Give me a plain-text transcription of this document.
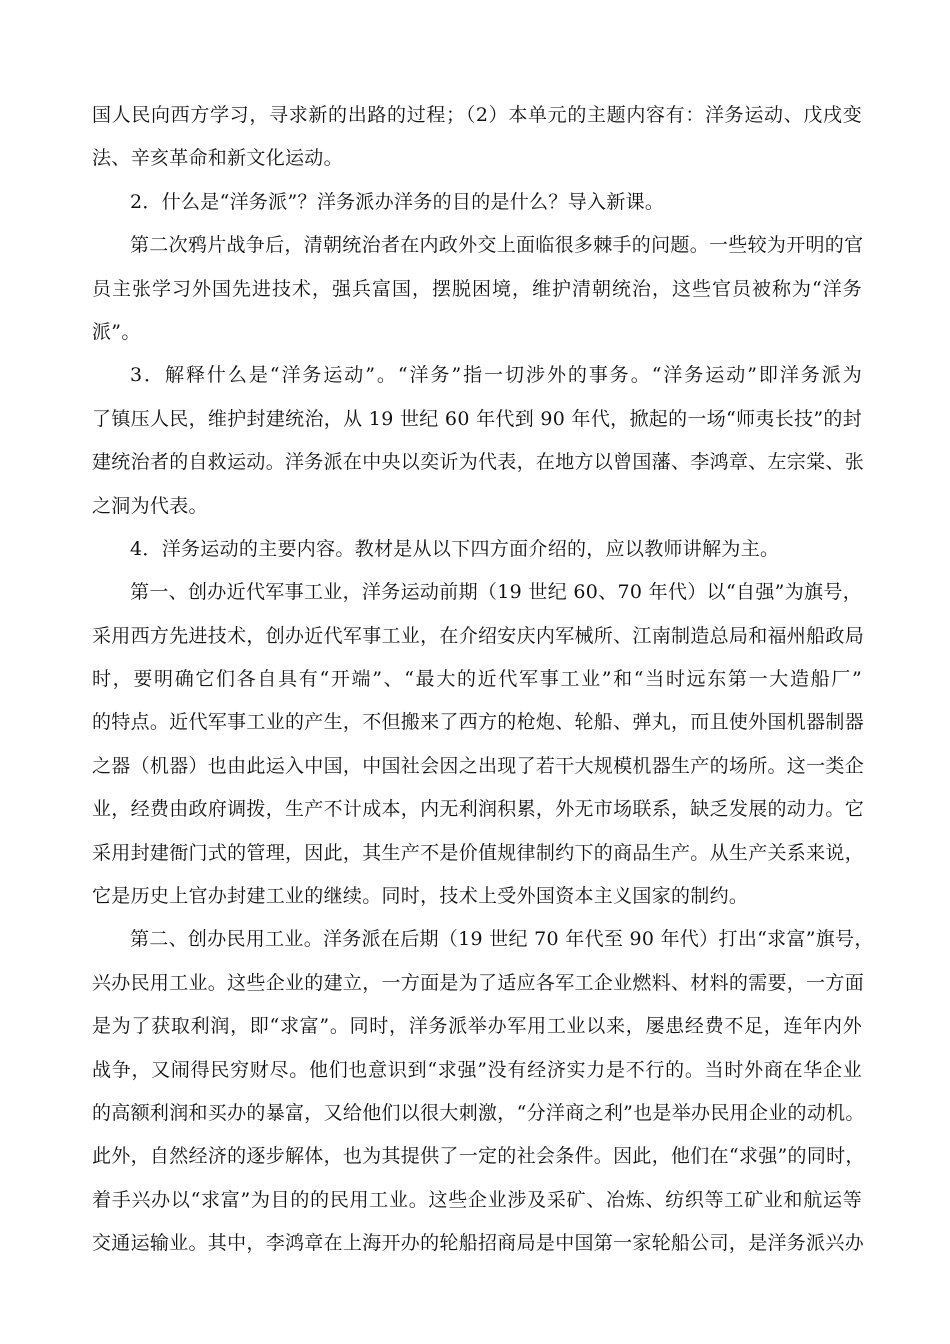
国人民向西方学习，寻求新的出路的过程；（2）本单元的主题内容有：洋务运动、戊戌变
法、辛亥革命和新文化运动。
2．什么是“洋务派”？洋务派办洋务的目的是什么？导入新课。
第二次鸦片战争后，清朝统治者在内政外交上面临很多棘手的问题。一些较为开明的官
员主张学习外国先进技术，强兵富国，摆脱困境，维护清朝统治，这些官员被称为“洋务
派”。
3．解释什么是“洋务运动”。“洋务”指一切涉外的事务。“洋务运动”即洋务派为
了镇压人民，维护封建统治，从 19 世纪 60 年代到 90 年代，掀起的一场“师夷长技”的封
建统治者的自救运动。洋务派在中央以奕䜣为代表，在地方以曾国藩、李鸿章、左宗棠、张
之洞为代表。
4．洋务运动的主要内容。教材是从以下四方面介绍的，应以教师讲解为主。
第一、创办近代军事工业，洋务运动前期（19 世纪 60、70 年代）以“自强”为旗号，
采用西方先进技术，创办近代军事工业，在介绍安庆内军械所、江南制造总局和福州船政局
时，要明确它们各自具有“开端”、“最大的近代军事工业”和“当时远东第一大造船厂”
的特点。近代军事工业的产生，不但搬来了西方的枪炮、轮船、弹丸，而且使外国机器制器
之器（机器）也由此运入中国，中国社会因之出现了若干大规模机器生产的场所。这一类企
业，经费由政府调拨，生产不计成本，内无利润积累，外无市场联系，缺乏发展的动力。它
采用封建衙门式的管理，因此，其生产不是价值规律制约下的商品生产。从生产关系来说，
它是历史上官办封建工业的继续。同时，技术上受外国资本主义国家的制约。
第二、创办民用工业。洋务派在后期（19 世纪 70 年代至 90 年代）打出“求富”旗号，
兴办民用工业。这些企业的建立，一方面是为了适应各军工企业燃料、材料的需要，一方面
是为了获取利润，即“求富”。同时，洋务派举办军用工业以来，屡患经费不足，连年内外
战争，又闹得民穷财尽。他们也意识到“求强”没有经济实力是不行的。当时外商在华企业
的高额利润和买办的暴富，又给他们以很大刺激，“分洋商之利”也是举办民用企业的动机。
此外，自然经济的逐步解体，也为其提供了一定的社会条件。因此，他们在“求强”的同时，
着手兴办以“求富”为目的的民用工业。这些企业涉及采矿、冶炼、纺织等工矿业和航运等
交通运输业。其中，李鸿章在上海开办的轮船招商局是中国第一家轮船公司，是洋务派兴办
